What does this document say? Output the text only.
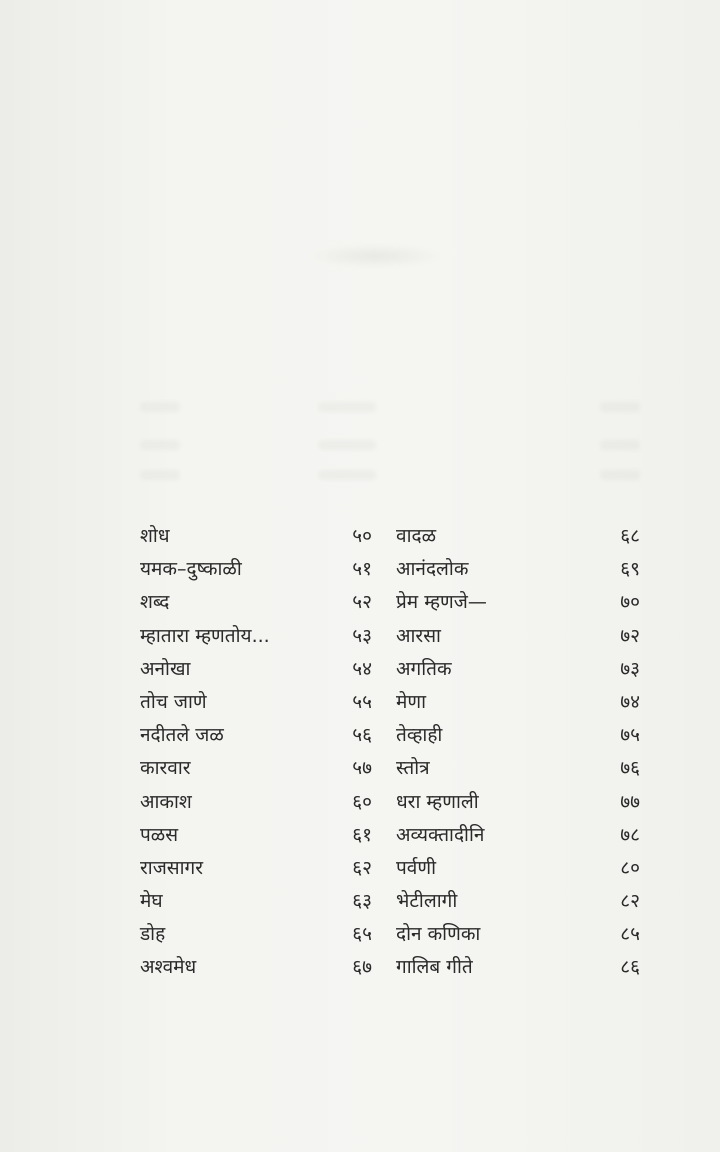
शोध	५०
यमक–दुष्काळी	५१
शब्द	५२
म्हातारा म्हणतोय...	५३
अनोखा	५४
तोच जाणे	५५
नदीतले जळ	५६
कारवार	५७
आकाश	६०
पळस	६१
राजसागर	६२
मेघ	६३
डोह	६५
अश्वमेध	६७
वादळ	६८
आनंदलोक	६९
प्रेम म्हणजे—	७०
आरसा	७२
अगतिक	७३
मेणा	७४
तेव्हाही	७५
स्तोत्र	७६
धरा म्हणाली	७७
अव्यक्तादीनि	७८
पर्वणी	८०
भेटीलागी	८२
दोन कणिका	८५
गालिब गीते	८६
